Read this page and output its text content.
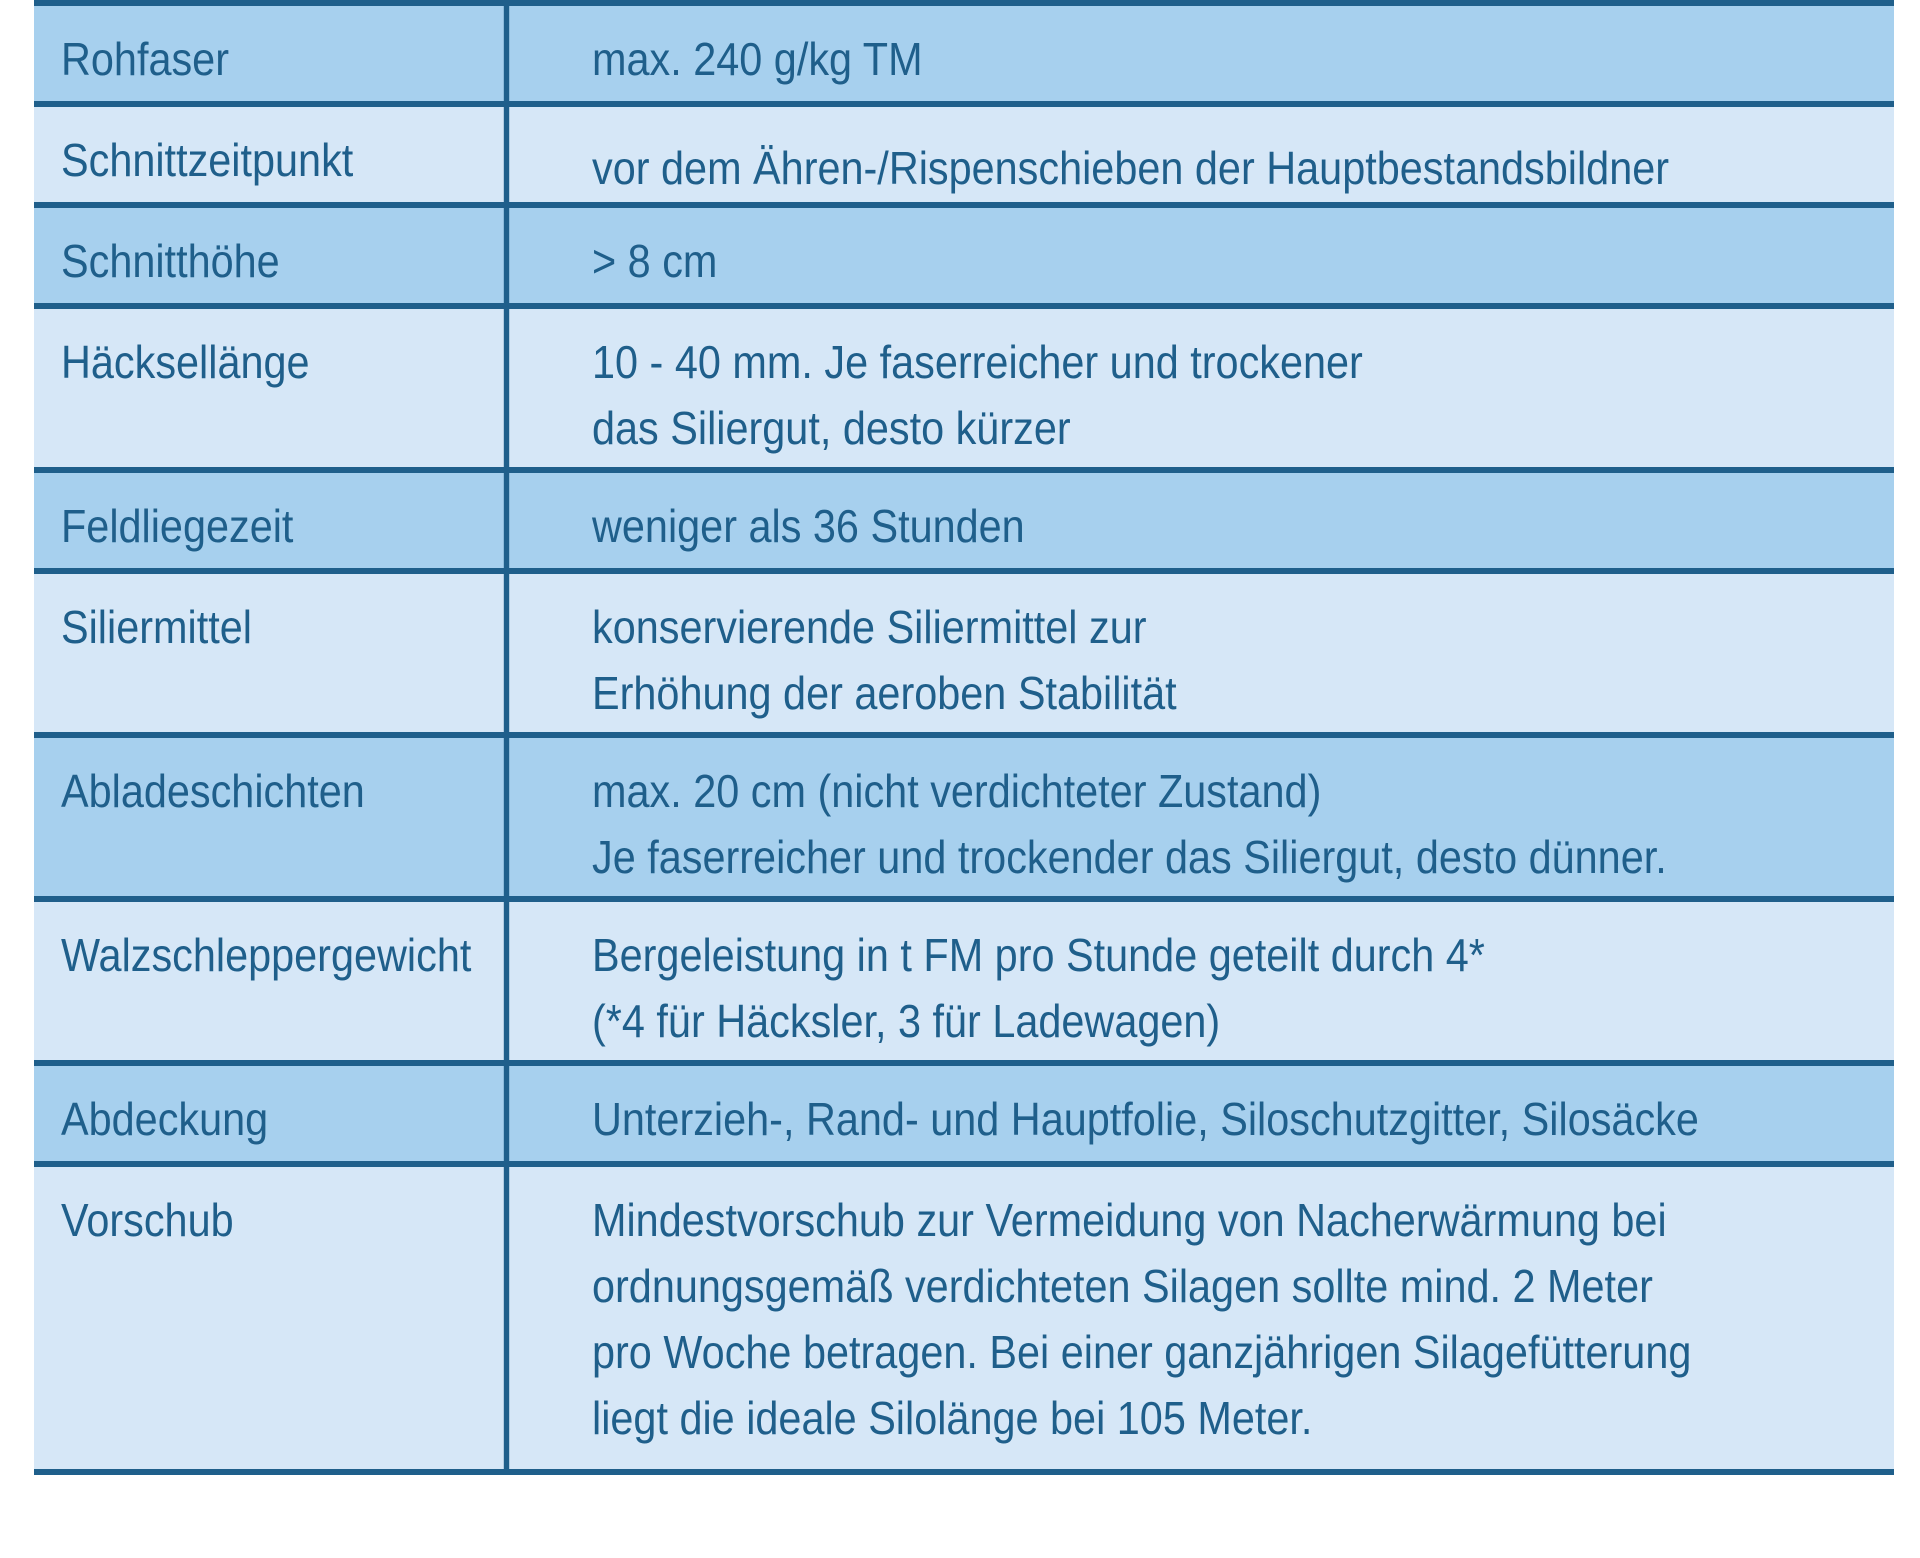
Rohfaser	max. 240 g/kg TM
Schnittzeitpunkt	vor dem Ähren-/Rispenschieben der Hauptbestandsbildner
Schnitthöhe	> 8 cm
Häcksellänge	10 - 40 mm. Je faserreicher und trockener
das Siliergut, desto kürzer
Feldliegezeit	weniger als 36 Stunden
Siliermittel	konservierende Siliermittel zur
Erhöhung der aeroben Stabilität
Abladeschichten	max. 20 cm (nicht verdichteter Zustand)
Je faserreicher und trockender das Siliergut, desto dünner.
Walzschleppergewicht	Bergeleistung in t FM pro Stunde geteilt durch 4*
(*4 für Häcksler, 3 für Ladewagen)
Abdeckung	Unterzieh-, Rand- und Hauptfolie, Siloschutzgitter, Silosäcke
Vorschub	Mindestvorschub zur Vermeidung von Nacherwärmung bei
ordnungsgemäß verdichteten Silagen sollte mind. 2 Meter
pro Woche betragen. Bei einer ganzjährigen Silagefütterung
liegt die ideale Silolänge bei 105 Meter.
